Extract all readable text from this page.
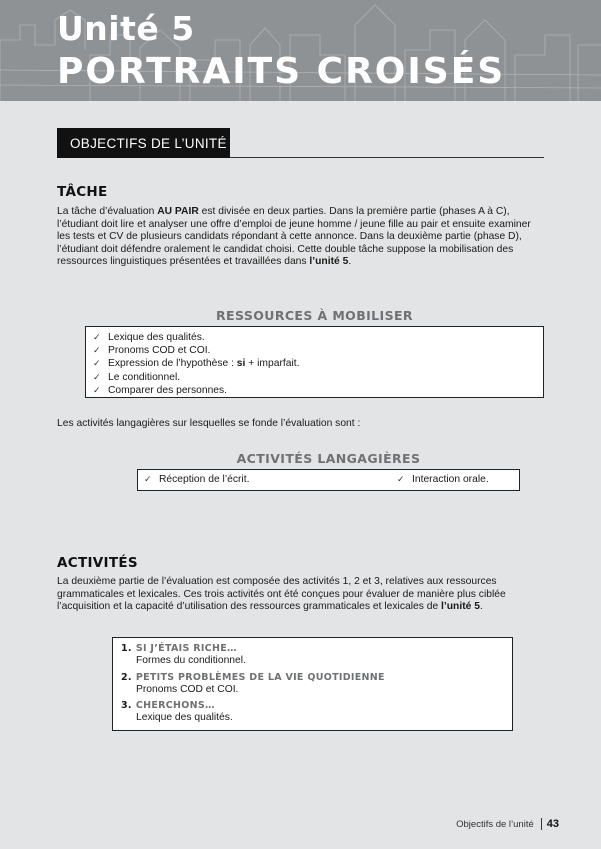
Unité 5
PORTRAITS CROISÉS
OBJECTIFS DE L’UNITÉ
TÂCHE
La tâche d’évaluation AU PAIR est divisée en deux parties. Dans la première partie (phases A à C), l’étudiant doit lire et analyser une offre d’emploi de jeune homme / jeune fille au pair et ensuite examiner les tests et CV de plusieurs candidats répondant à cette annonce. Dans la deuxième partie (phase D), l’étudiant doit défendre oralement le candidat choisi. Cette double tâche suppose la mobilisation des ressources linguistiques présentées et travaillées dans l’unité 5.
RESSOURCES À MOBILISER
✓ Lexique des qualités.
✓ Pronoms COD et COI.
✓ Expression de l’hypothèse : si + imparfait.
✓ Le conditionnel.
✓ Comparer des personnes.
Les activités langagières sur lesquelles se fonde l’évaluation sont :
ACTIVITÉS LANGAGIÈRES
✓ Réception de l’écrit.	✓ Interaction orale.
ACTIVITÉS
La deuxième partie de l’évaluation est composée des activités 1, 2 et 3, relatives aux ressources grammaticales et lexicales. Ces trois activités ont été conçues pour évaluer de manière plus ciblée l’acquisition et la capacité d’utilisation des ressources grammaticales et lexicales de l’unité 5.
1. SI J’ÉTAIS RICHE…
Formes du conditionnel.
2. PETITS PROBLÈMES DE LA VIE QUOTIDIENNE
Pronoms COD et COI.
3. CHERCHONS…
Lexique des qualités.
Objectifs de l’unité 43
